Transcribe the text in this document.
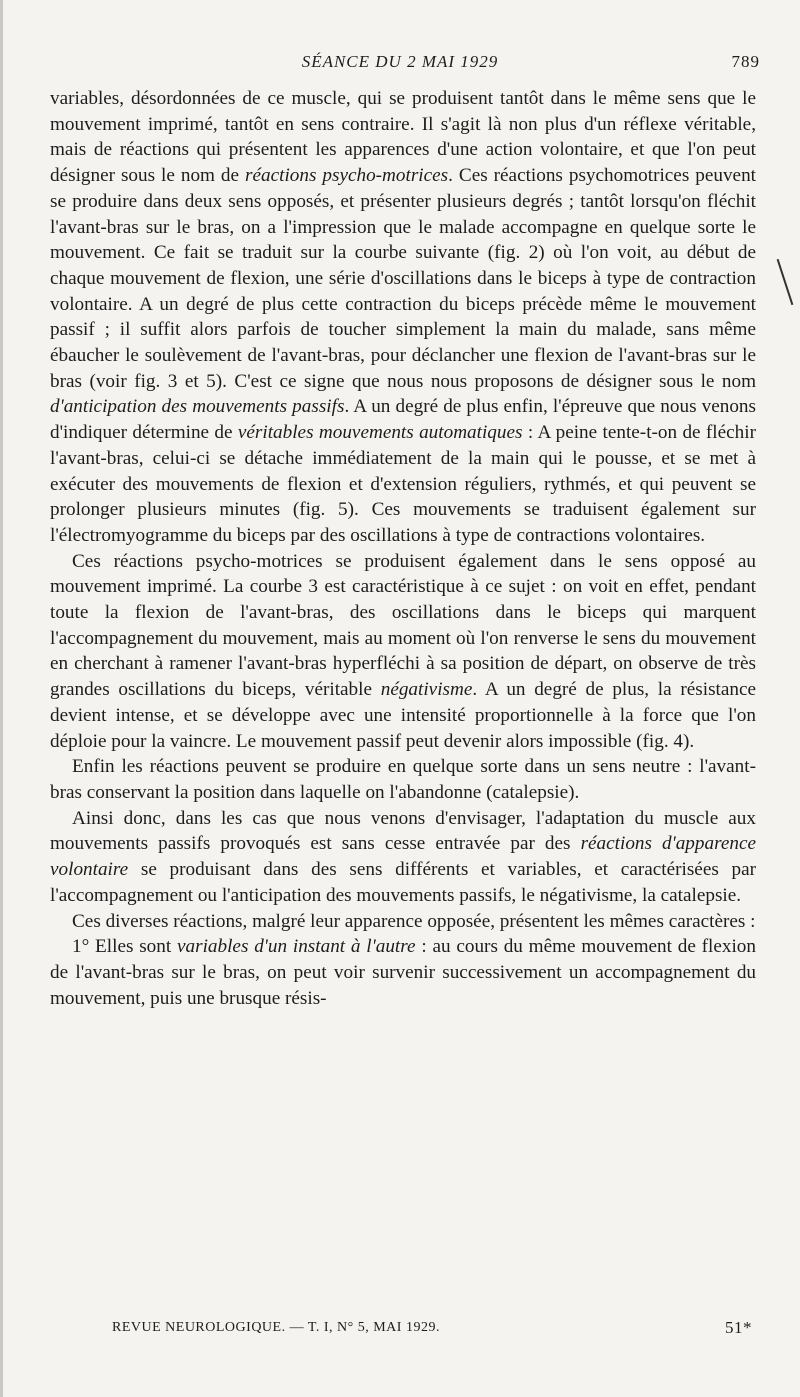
SÉANCE DU 2 MAI 1929	789

variables, désordonnées de ce muscle, qui se produisent tantôt dans le même sens que le mouvement imprimé, tantôt en sens contraire. Il s'agit là non plus d'un réflexe véritable, mais de réactions qui présentent les apparences d'une action volontaire, et que l'on peut désigner sous le nom de réactions psycho-motrices. Ces réactions psychomotrices peuvent se produire dans deux sens opposés, et présenter plusieurs degrés ; tantôt lorsqu'on fléchit l'avant-bras sur le bras, on a l'impression que le malade accompagne en quelque sorte le mouvement. Ce fait se traduit sur la courbe suivante (fig. 2) où l'on voit, au début de chaque mouvement de flexion, une série d'oscillations dans le biceps à type de contraction volontaire. A un degré de plus cette contraction du biceps précède même le mouvement passif ; il suffit alors parfois de toucher simplement la main du malade, sans même ébaucher le soulèvement de l'avant-bras, pour déclancher une flexion de l'avant-bras sur le bras (voir fig. 3 et 5). C'est ce signe que nous nous proposons de désigner sous le nom d'anticipation des mouvements passifs. A un degré de plus enfin, l'épreuve que nous venons d'indiquer détermine de véritables mouvements automatiques : A peine tente-t-on de fléchir l'avant-bras, celui-ci se détache immédiatement de la main qui le pousse, et se met à exécuter des mouvements de flexion et d'extension réguliers, rythmés, et qui peuvent se prolonger plusieurs minutes (fig. 5). Ces mouvements se traduisent également sur l'électromyogramme du biceps par des oscillations à type de contractions volontaires.

Ces réactions psycho-motrices se produisent également dans le sens opposé au mouvement imprimé. La courbe 3 est caractéristique à ce sujet : on voit en effet, pendant toute la flexion de l'avant-bras, des oscillations dans le biceps qui marquent l'accompagnement du mouvement, mais au moment où l'on renverse le sens du mouvement en cherchant à ramener l'avant-bras hyperfléchi à sa position de départ, on observe de très grandes oscillations du biceps, véritable négativisme. A un degré de plus, la résistance devient intense, et se développe avec une intensité proportionnelle à la force que l'on déploie pour la vaincre. Le mouvement passif peut devenir alors impossible (fig. 4).

Enfin les réactions peuvent se produire en quelque sorte dans un sens neutre : l'avant-bras conservant la position dans laquelle on l'abandonne (catalepsie).

Ainsi donc, dans les cas que nous venons d'envisager, l'adaptation du muscle aux mouvements passifs provoqués est sans cesse entravée par des réactions d'apparence volontaire se produisant dans des sens différents et variables, et caractérisées par l'accompagnement ou l'anticipation des mouvements passifs, le négativisme, la catalepsie.

Ces diverses réactions, malgré leur apparence opposée, présentent les mêmes caractères :

1° Elles sont variables d'un instant à l'autre : au cours du même mouvement de flexion de l'avant-bras sur le bras, on peut voir survenir successivement un accompagnement du mouvement, puis une brusque résis-

REVUE NEUROLOGIQUE. — T. I, N° 5, MAI 1929.	51*
